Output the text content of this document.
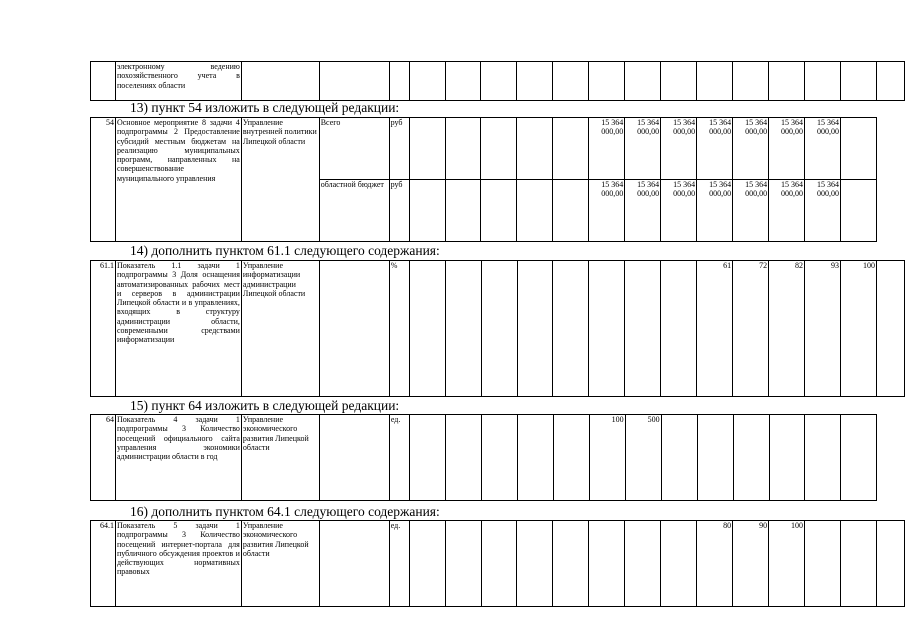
	электронному ведению похозяйственного учета в поселениях области																	
13) пункт 54 изложить в следующей редакции:
54	Основное мероприятие 8 задачи 4 подпрограммы 2 Предоставление субсидий местным бюджетам на реализацию муниципальных программ, направленных на совершенствование муниципального управления	Управление внутренней политики Липецкой области	Всего	руб						15 364 000,00	15 364 000,00	15 364 000,00	15 364 000,00	15 364 000,00	15 364 000,00	15 364 000,00	
			областной бюджет	руб						15 364 000,00	15 364 000,00	15 364 000,00	15 364 000,00	15 364 000,00	15 364 000,00	15 364 000,00	
14) дополнить пунктом 61.1 следующего содержания:
61.1	Показатель 1.1 задачи 1 подпрограммы 3 Доля оснащения автоматизированных рабочих мест и серверов в администрации Липецкой области и в управлениях, входящих в структуру администрации области, современными средствами информатизации	Управление информатизации администрации Липецкой области		%									61	72	82	93	100	
15) пункт 64 изложить в следующей редакции:
64	Показатель 4 задачи 1 подпрограммы 3 Количество посещений официального сайта управления экономики администрации области в год	Управление экономического развития Липецкой области		ед.						100	500						
16) дополнить пунктом 64.1 следующего содержания:
64.1	Показатель 5 задачи 1 подпрограммы 3 Количество посещений интернет-портала для публичного обсуждения проектов и действующих нормативных правовых	Управление экономического развития Липецкой области		ед.									80	90	100			
